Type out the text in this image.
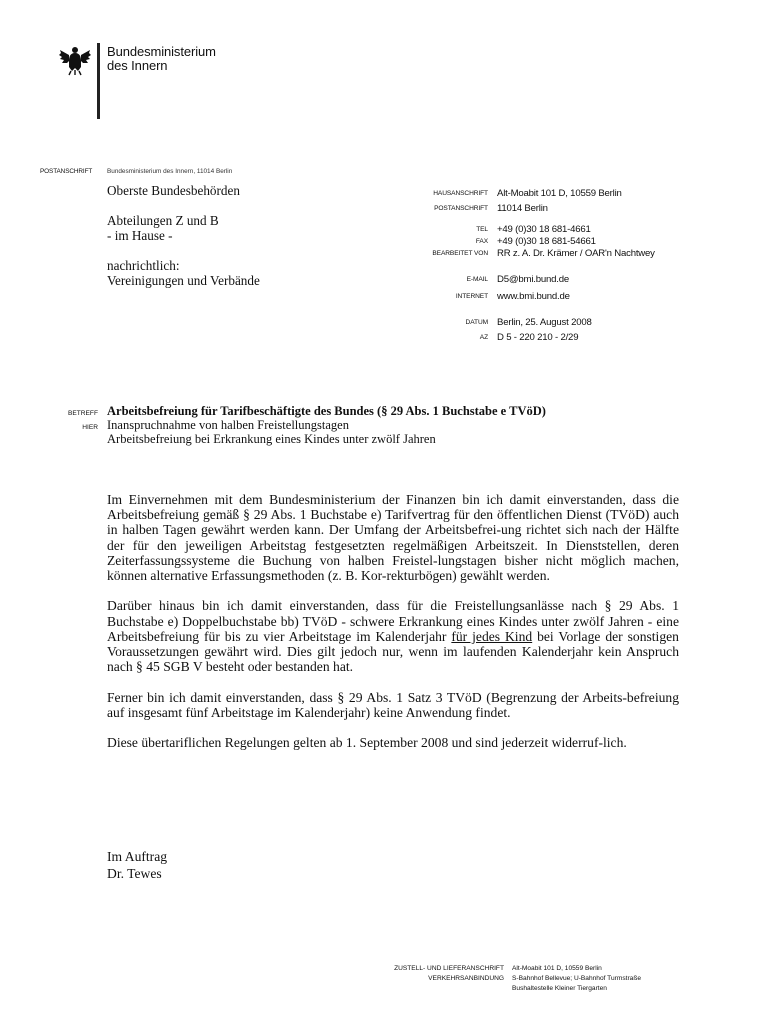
Bundesministerium
des Innern
POSTANSCHRIFT Bundesministerium des Innern, 11014 Berlin
Oberste Bundesbehörden
Abteilungen Z und B
- im Hause -
nachrichtlich:
Vereinigungen und Verbände
HAUSANSCHRIFT
POSTANSCHRIFT
TEL
FAX
BEARBEITET VON
E-MAIL
INTERNET
DATUM
AZ
Alt-Moabit 101 D, 10559 Berlin
11014 Berlin
+49 (0)30 18 681-4661
+49 (0)30 18 681-54661
RR z. A. Dr. Krämer / OAR'n Nachtwey
D5@bmi.bund.de
www.bmi.bund.de
Berlin, 25. August 2008
D 5 - 220 210 - 2/29
BETREFF
HIER
Arbeitsbefreiung für Tarifbeschäftigte des Bundes (§ 29 Abs. 1 Buchstabe e TVöD)
Inanspruchnahme von halben Freistellungstagen
Arbeitsbefreiung bei Erkrankung eines Kindes unter zwölf Jahren

Im Einvernehmen mit dem Bundesministerium der Finanzen bin ich damit einverstanden, dass die Arbeitsbefreiung gemäß § 29 Abs. 1 Buchstabe e) Tarifvertrag für den öffentlichen Dienst (TVöD) auch in halben Tagen gewährt werden kann. Der Umfang der Arbeitsbefrei-ung richtet sich nach der Hälfte der für den jeweiligen Arbeitstag festgesetzten regelmäßigen Arbeitszeit. In Dienststellen, deren Zeiterfassungssysteme die Buchung von halben Freistel-lungstagen bisher nicht möglich machen, können alternative Erfassungsmethoden (z. B. Kor-rekturbögen) gewählt werden.

Darüber hinaus bin ich damit einverstanden, dass für die Freistellungsanlässe nach § 29 Abs. 1 Buchstabe e) Doppelbuchstabe bb) TVöD - schwere Erkrankung eines Kindes unter zwölf Jahren - eine Arbeitsbefreiung für bis zu vier Arbeitstage im Kalenderjahr für jedes Kind bei Vorlage der sonstigen Voraussetzungen gewährt wird. Dies gilt jedoch nur, wenn im laufenden Kalenderjahr kein Anspruch nach § 45 SGB V besteht oder bestanden hat.

Ferner bin ich damit einverstanden, dass § 29 Abs. 1 Satz 3 TVöD (Begrenzung der Arbeits-befreiung auf insgesamt fünf Arbeitstage im Kalenderjahr) keine Anwendung findet.

Diese übertariflichen Regelungen gelten ab 1. September 2008 und sind jederzeit widerruf-lich.

Im Auftrag
Dr. Tewes
ZUSTELL- UND LIEFERANSCHRIFT
VERKEHRSANBINDUNG
Alt-Moabit 101 D, 10559 Berlin
S-Bahnhof Bellevue; U-Bahnhof Turmstraße
Bushaltestelle Kleiner Tiergarten
